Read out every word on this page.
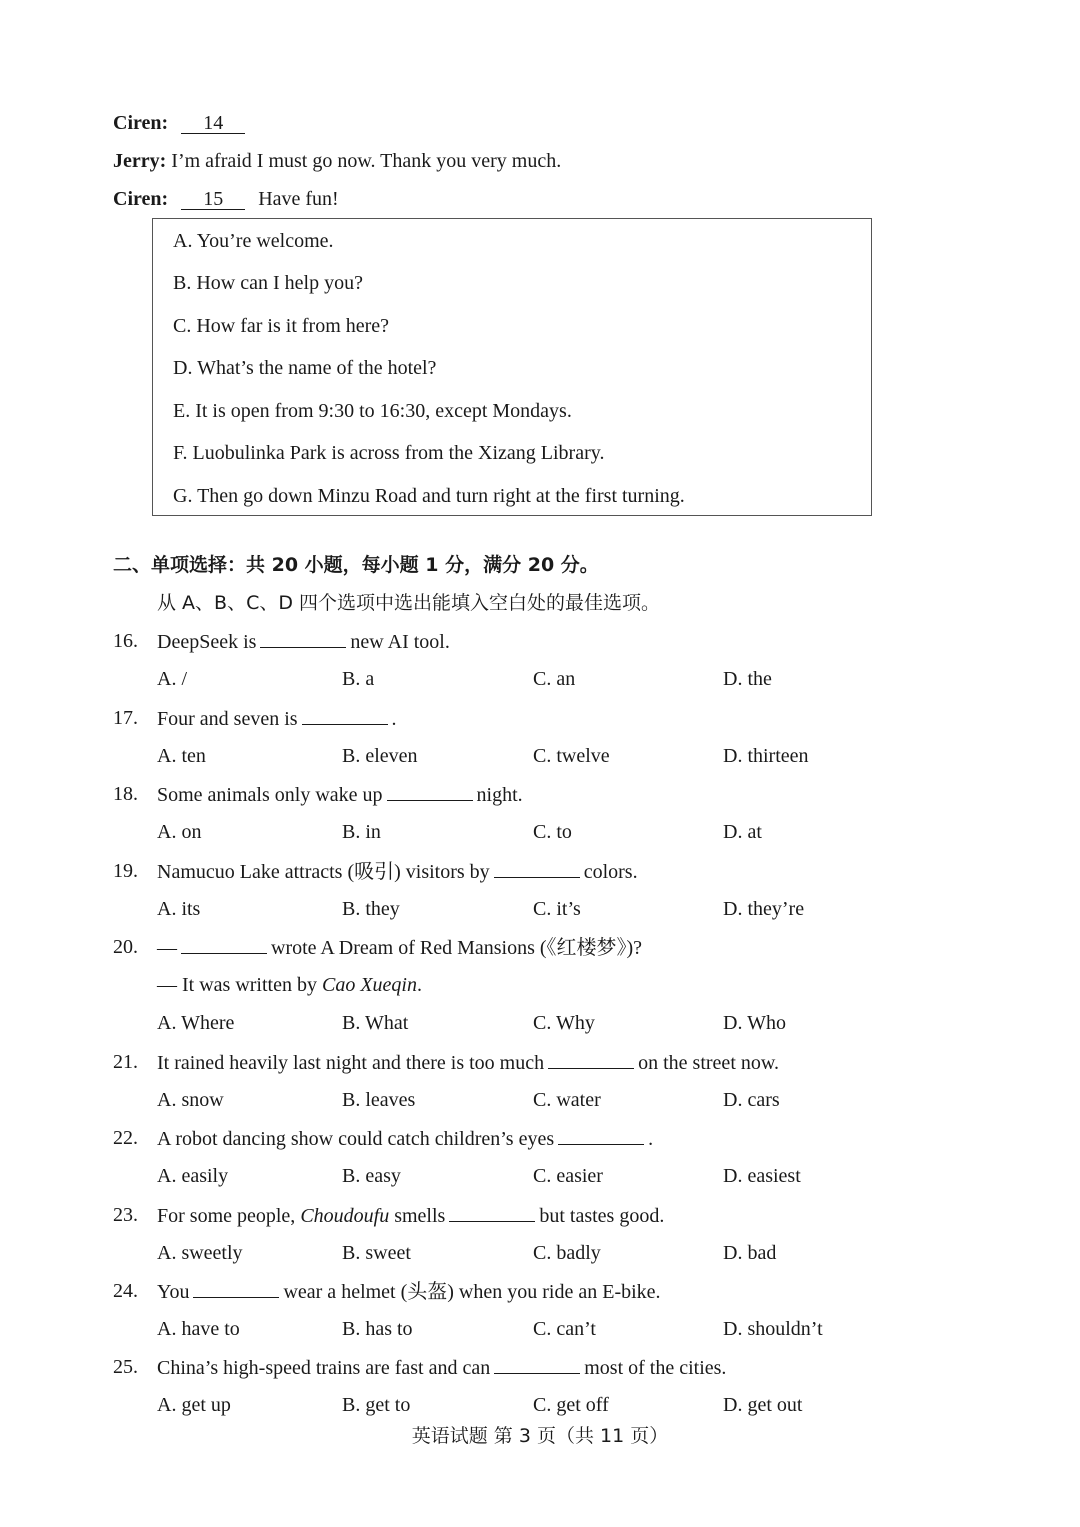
Ciren: 14
Jerry: I’m afraid I must go now. Thank you very much.
Ciren: 15 Have fun!
A. You’re welcome.
B. How can I help you?
C. How far is it from here?
D. What’s the name of the hotel?
E. It is open from 9:30 to 16:30, except Mondays.
F. Luobulinka Park is across from the Xizang Library.
G. Then go down Minzu Road and turn right at the first turning.
二、单项选择：共 20 小题，每小题 1 分，满分 20 分。
从 A、B、C、D 四个选项中选出能填入空白处的最佳选项。
16. DeepSeek is	new AI tool.
A. /	B. a	C. an	D. the
17. Four and seven is	.
A. ten	B. eleven	C. twelve	D. thirteen
18. Some animals only wake up	night.
A. on	B. in	C. to	D. at
19. Namucuo Lake attracts (吸引) visitors by	colors.
A. its	B. they	C. it’s	D. they’re
20. —	wrote A Dream of Red Mansions (《红楼梦》)?
— It was written by Cao Xueqin.
A. Where	B. What	C. Why	D. Who
21. It rained heavily last night and there is too much	on the street now.
A. snow	B. leaves	C. water	D. cars
22. A robot dancing show could catch children’s eyes	.
A. easily	B. easy	C. easier	D. easiest
23. For some people, Choudoufu smells	but tastes good.
A. sweetly	B. sweet	C. badly	D. bad
24. You	wear a helmet (头盔) when you ride an E-bike.
A. have to	B. has to	C. can’t	D. shouldn’t
25. China’s high-speed trains are fast and can	most of the cities.
A. get up	B. get to	C. get off	D. get out
英语试题 第 3 页（共 11 页）
